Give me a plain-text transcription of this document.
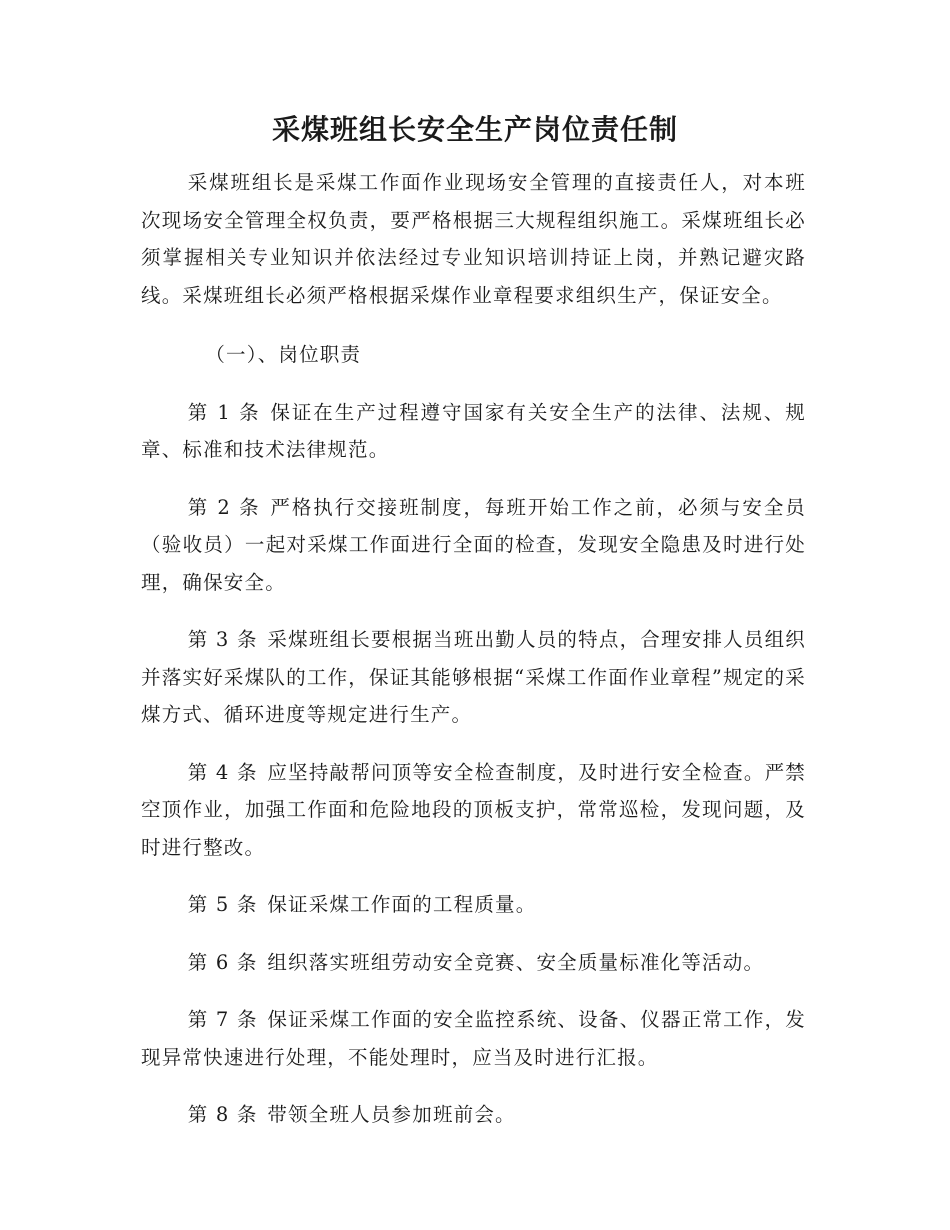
采煤班组长安全生产岗位责任制

采煤班组长是采煤工作面作业现场安全管理的直接责任人，对本班次现场安全管理全权负责，要严格根据三大规程组织施工。采煤班组长必须掌握相关专业知识并依法经过专业知识培训持证上岗，并熟记避灾路线。采煤班组长必须严格根据采煤作业章程要求组织生产，保证安全。

（一）、岗位职责

第 1 条 保证在生产过程遵守国家有关安全生产的法律、法规、规章、标准和技术法律规范。

第 2 条 严格执行交接班制度，每班开始工作之前，必须与安全员（验收员）一起对采煤工作面进行全面的检查，发现安全隐患及时进行处理，确保安全。

第 3 条 采煤班组长要根据当班出勤人员的特点，合理安排人员组织并落实好采煤队的工作，保证其能够根据“采煤工作面作业章程”规定的采煤方式、循环进度等规定进行生产。

第 4 条 应坚持敲帮问顶等安全检查制度，及时进行安全检查。严禁空顶作业，加强工作面和危险地段的顶板支护，常常巡检，发现问题，及时进行整改。

第 5 条 保证采煤工作面的工程质量。

第 6 条 组织落实班组劳动安全竞赛、安全质量标准化等活动。

第 7 条 保证采煤工作面的安全监控系统、设备、仪器正常工作，发现异常快速进行处理，不能处理时，应当及时进行汇报。

第 8 条 带领全班人员参加班前会。
